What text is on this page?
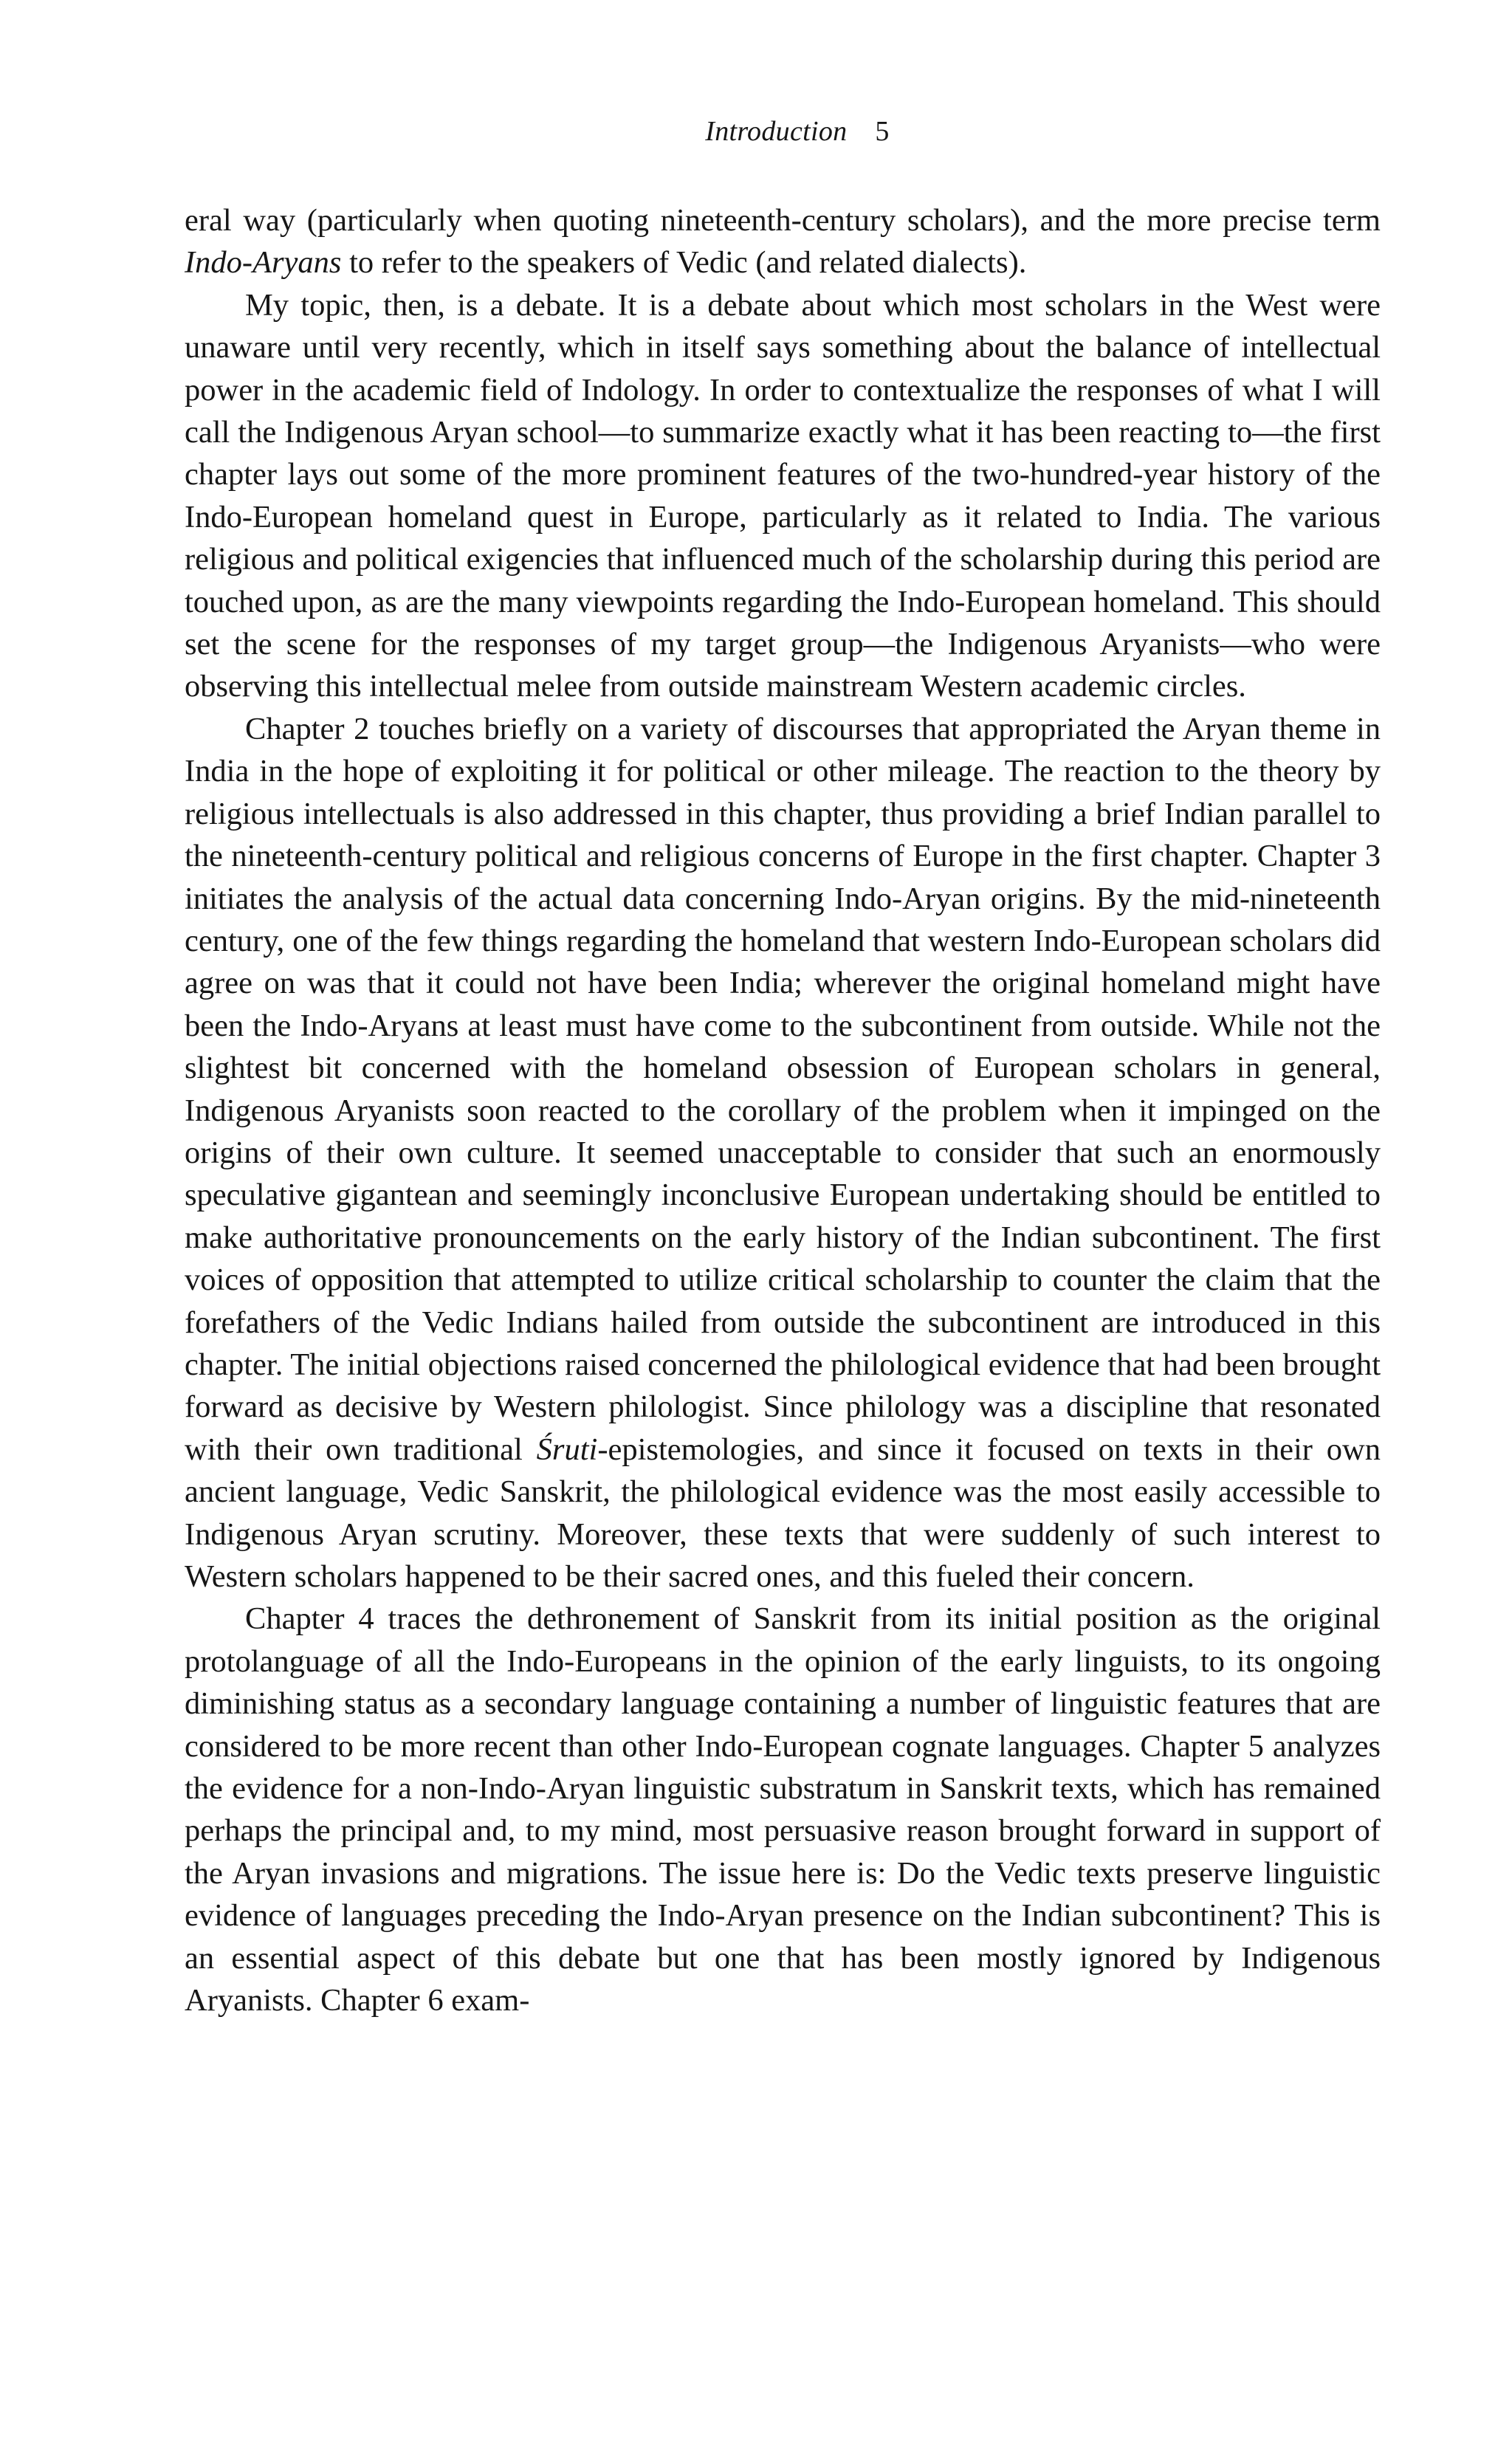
Introduction 5

eral way (particularly when quoting nineteenth-century scholars), and the more precise term Indo-Aryans to refer to the speakers of Vedic (and related dialects).

My topic, then, is a debate. It is a debate about which most scholars in the West were unaware until very recently, which in itself says something about the balance of intellectual power in the academic field of Indology. In order to contextualize the responses of what I will call the Indigenous Aryan school—to summarize exactly what it has been reacting to—the first chapter lays out some of the more prominent features of the two-hundred-year history of the Indo-European homeland quest in Europe, particularly as it related to India. The various religious and political exigencies that influenced much of the scholarship during this period are touched upon, as are the many viewpoints regarding the Indo-European homeland. This should set the scene for the responses of my target group—the Indigenous Aryanists—who were observing this intellectual melee from outside mainstream Western academic circles.

Chapter 2 touches briefly on a variety of discourses that appropriated the Aryan theme in India in the hope of exploiting it for political or other mileage. The reaction to the theory by religious intellectuals is also addressed in this chapter, thus providing a brief Indian parallel to the nineteenth-century political and religious concerns of Europe in the first chapter. Chapter 3 initiates the analysis of the actual data concerning Indo-Aryan origins. By the mid-nineteenth century, one of the few things regarding the homeland that western Indo-European scholars did agree on was that it could not have been India; wherever the original homeland might have been the Indo-Aryans at least must have come to the subcontinent from outside. While not the slightest bit concerned with the homeland obsession of European scholars in general, Indigenous Aryanists soon reacted to the corollary of the problem when it impinged on the origins of their own culture. It seemed unacceptable to consider that such an enormously speculative gigantean and seemingly inconclusive European undertaking should be entitled to make authoritative pronouncements on the early history of the Indian subcontinent. The first voices of opposition that attempted to utilize critical scholarship to counter the claim that the forefathers of the Vedic Indians hailed from outside the subcontinent are introduced in this chapter. The initial objections raised concerned the philological evidence that had been brought forward as decisive by Western philologist. Since philology was a discipline that resonated with their own traditional Śruti-epistemologies, and since it focused on texts in their own ancient language, Vedic Sanskrit, the philological evidence was the most easily accessible to Indigenous Aryan scrutiny. Moreover, these texts that were suddenly of such interest to Western scholars happened to be their sacred ones, and this fueled their concern.

Chapter 4 traces the dethronement of Sanskrit from its initial position as the original protolanguage of all the Indo-Europeans in the opinion of the early linguists, to its ongoing diminishing status as a secondary language containing a number of linguistic features that are considered to be more recent than other Indo-European cognate languages. Chapter 5 analyzes the evidence for a non-Indo-Aryan linguistic substratum in Sanskrit texts, which has remained perhaps the principal and, to my mind, most persuasive reason brought forward in support of the Aryan invasions and migrations. The issue here is: Do the Vedic texts preserve linguistic evidence of languages preceding the Indo-Aryan presence on the Indian subcontinent? This is an essential aspect of this debate but one that has been mostly ignored by Indigenous Aryanists. Chapter 6 exam-
